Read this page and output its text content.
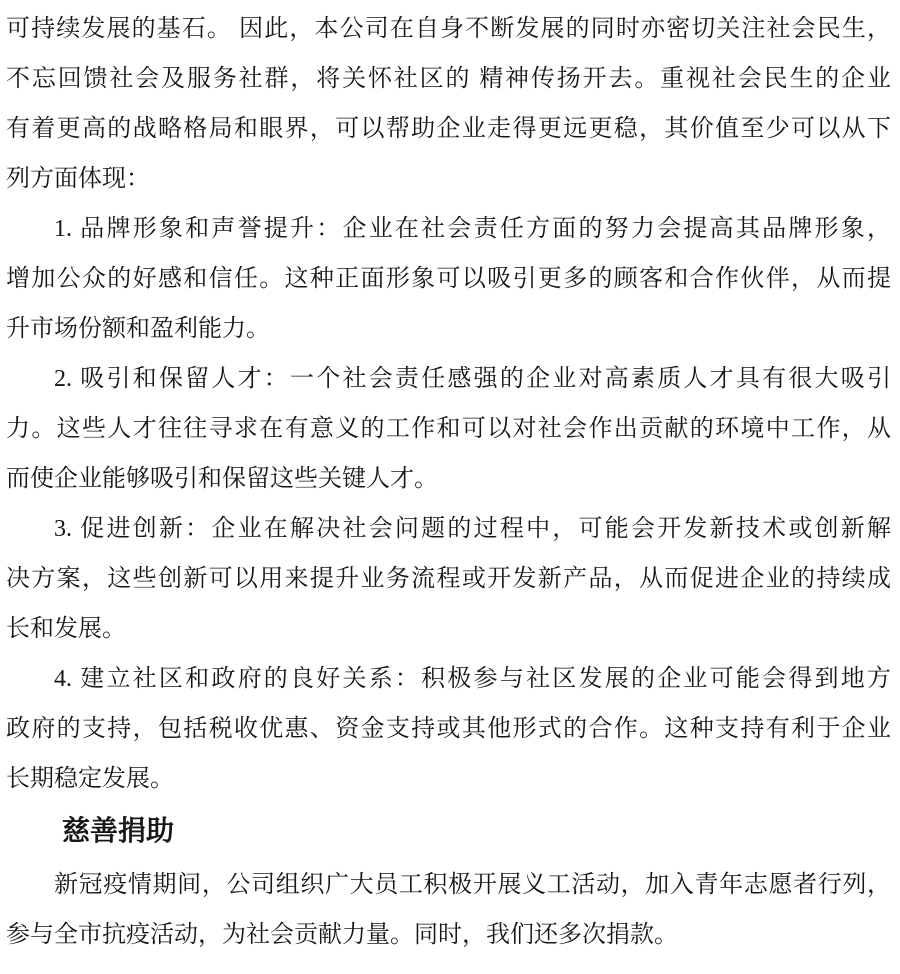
可持续发展的基石。 因此，本公司在自身不断发展的同时亦密切关注社会民生，
不忘回馈社会及服务社群，将关怀社区的 精神传扬开去。重视社会民生的企业
有着更高的战略格局和眼界，可以帮助企业走得更远更稳，其价值至少可以从下
列方面体现：
1. 品牌形象和声誉提升：企业在社会责任方面的努力会提高其品牌形象，
增加公众的好感和信任。这种正面形象可以吸引更多的顾客和合作伙伴，从而提
升市场份额和盈利能力。
2. 吸引和保留人才：一个社会责任感强的企业对高素质人才具有很大吸引
力。这些人才往往寻求在有意义的工作和可以对社会作出贡献的环境中工作，从
而使企业能够吸引和保留这些关键人才。
3. 促进创新：企业在解决社会问题的过程中，可能会开发新技术或创新解
决方案，这些创新可以用来提升业务流程或开发新产品，从而促进企业的持续成
长和发展。
4. 建立社区和政府的良好关系：积极参与社区发展的企业可能会得到地方
政府的支持，包括税收优惠、资金支持或其他形式的合作。这种支持有利于企业
长期稳定发展。
慈善捐助
新冠疫情期间，公司组织广大员工积极开展义工活动，加入青年志愿者行列，
参与全市抗疫活动，为社会贡献力量。同时，我们还多次捐款。
